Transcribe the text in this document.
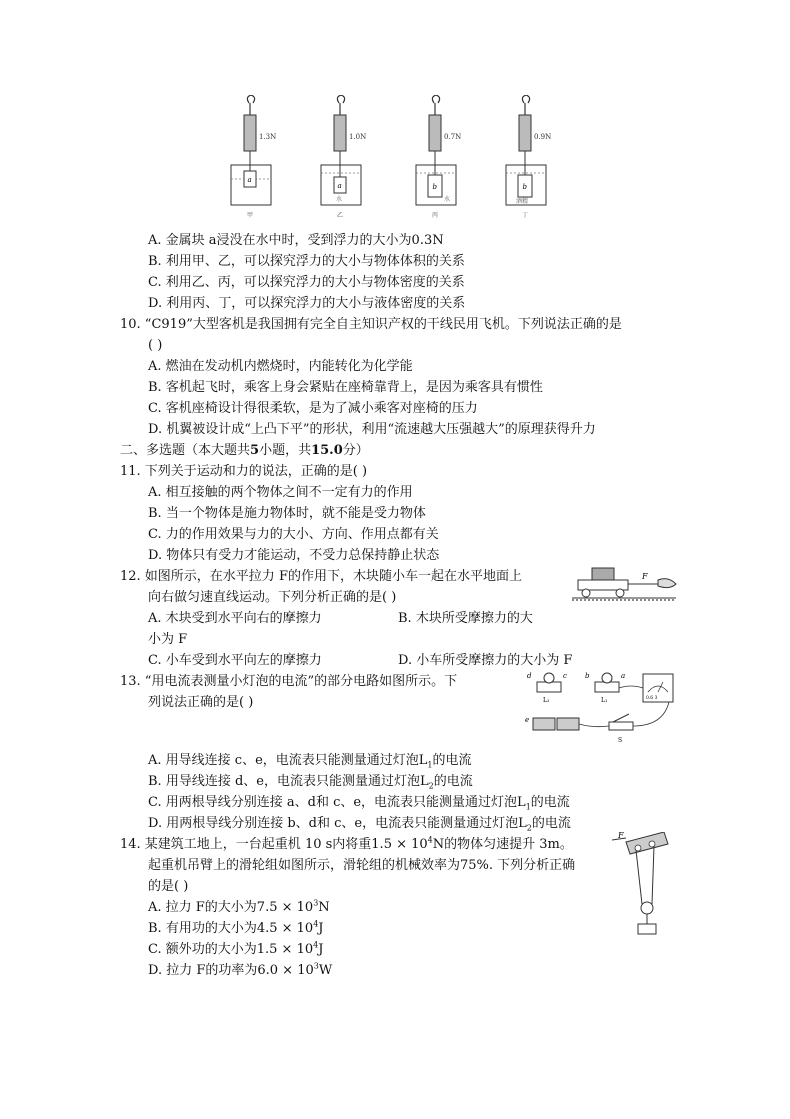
1.3N
a
甲
1.0N
a
水
乙
0.7N
b
水
丙
0.9N
b
酒精
丁
A. 金属块 a浸没在水中时，受到浮力的大小为0.3N
B. 利用甲、乙，可以探究浮力的大小与物体体积的关系
C. 利用乙、丙，可以探究浮力的大小与物体密度的关系
D. 利用丙、丁，可以探究浮力的大小与液体密度的关系
10. “C919”大型客机是我国拥有完全自主知识产权的干线民用飞机。下列说法正确的是
( )
A. 燃油在发动机内燃烧时，内能转化为化学能
B. 客机起飞时，乘客上身会紧贴在座椅靠背上，是因为乘客具有惯性
C. 客机座椅设计得很柔软，是为了减小乘客对座椅的压力
D. 机翼被设计成“上凸下平”的形状，利用“流速越大压强越大”的原理获得升力
二、多选题（本大题共5小题，共15.0分）
11. 下列关于运动和力的说法，正确的是( )
A. 相互接触的两个物体之间不一定有力的作用
B. 当一个物体是施力物体时，就不能是受力物体
C. 力的作用效果与力的大小、方向、作用点都有关
D. 物体只有受力才能运动，不受力总保持静止状态
12. 如图所示，在水平拉力 F的作用下，木块随小车一起在水平地面上
向右做匀速直线运动。下列分析正确的是( )
A. 木块受到水平向右的摩擦力	B. 木块所受摩擦力的大
小为 F
C. 小车受到水平向左的摩擦力	D. 小车所受摩擦力的大小为 F
F
13. “用电流表测量小灯泡的电流”的部分电路如图所示。下
列说法正确的是( )
d	c	b	a
L₂	L₁	0.6 3
e
S
A. 用导线连接 c、e，电流表只能测量通过灯泡$L_1$的电流
B. 用导线连接 d、e，电流表只能测量通过灯泡$L_2$的电流
C. 用两根导线分别连接 a、d和 c、e，电流表只能测量通过灯泡$L_1$的电流
D. 用两根导线分别连接 b、d和 c、e，电流表只能测量通过灯泡$L_2$的电流
14. 某建筑工地上，一台起重机 10 s内将重$1.5 \times 10^4N$的物体匀速提升 3m。
起重机吊臂上的滑轮组如图所示，滑轮组的机械效率为75%. 下列分析正确
的是( )
F
A. 拉力 F的大小为$7.5 \times 10^3N$
B. 有用功的大小为$4.5 \times 10^4J$
C. 额外功的大小为$1.5 \times 10^4J$
D. 拉力 F的功率为$6.0 \times 10^3W$
